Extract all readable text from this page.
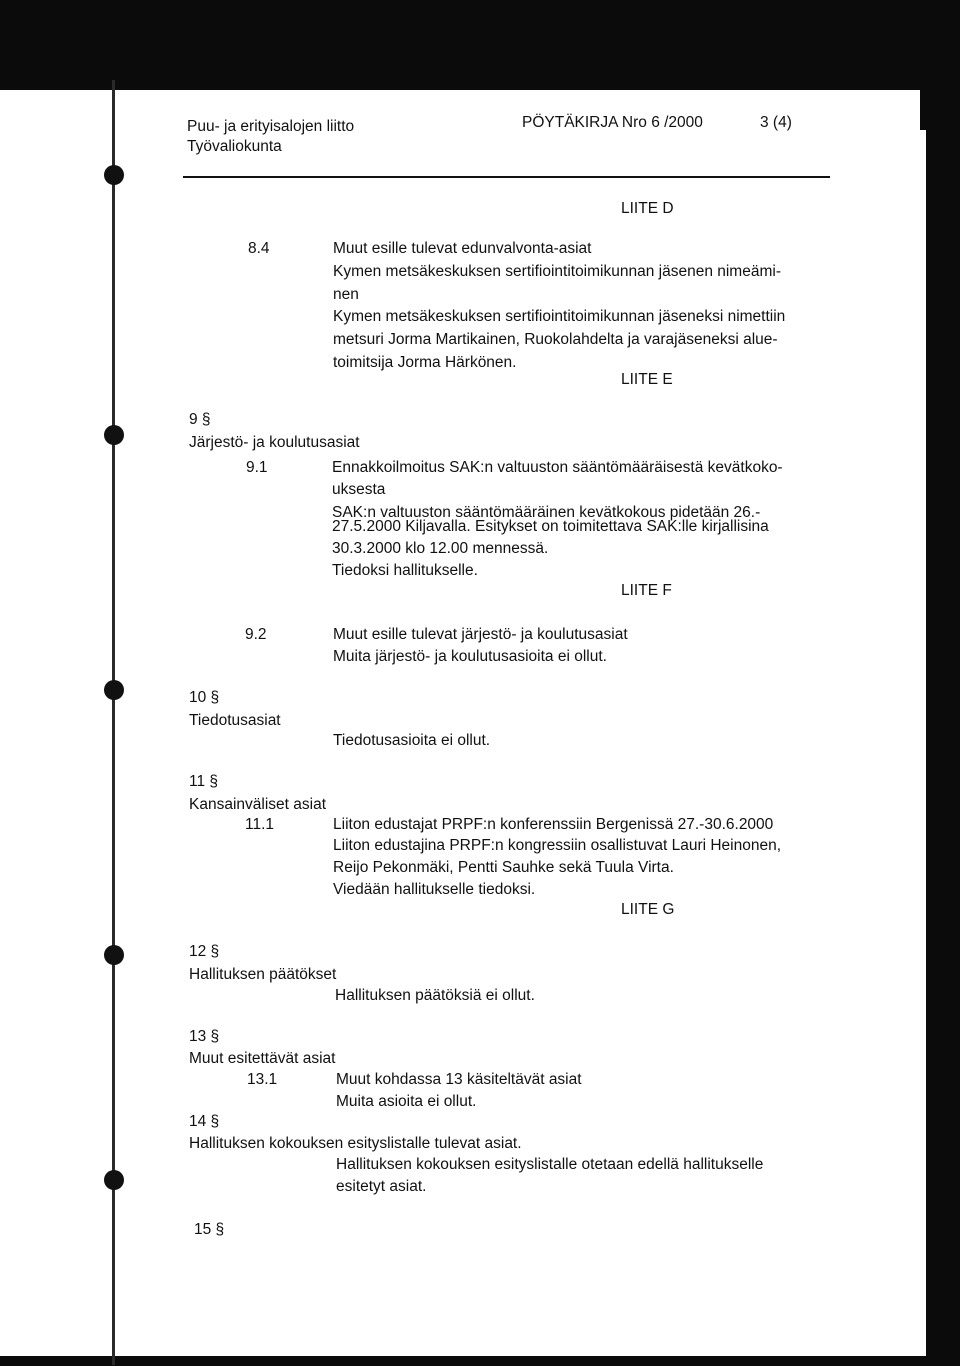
Puu- ja erityisalojen liitto
Työvaliokunta
PÖYTÄKIRJA Nro 6 /2000	3 (4)
LIITE D
8.4	Muut esille tulevat edunvalvonta-asiat
Kymen metsäkeskuksen sertifiointitoimikunnan jäsenen nimeämi-
nen
Kymen metsäkeskuksen sertifiointitoimikunnan jäseneksi nimettiin
metsuri Jorma Martikainen, Ruokolahdelta ja varajäseneksi alue-
toimitsija Jorma Härkönen.
LIITE E
9 §
Järjestö- ja koulutusasiat
9.1	Ennakkoilmoitus SAK:n valtuuston sääntömääräisestä kevätkoko-
uksesta
SAK:n valtuuston sääntömääräinen kevätkokous pidetään 26.-
27.5.2000 Kiljavalla. Esitykset on toimitettava SAK:lle kirjallisina
30.3.2000 klo 12.00 mennessä.
Tiedoksi hallitukselle.
LIITE F
9.2	Muut esille tulevat järjestö- ja koulutusasiat
Muita järjestö- ja koulutusasioita ei ollut.
10 §
Tiedotusasiat
Tiedotusasioita ei ollut.
11 §
Kansainväliset asiat
11.1	Liiton edustajat PRPF:n konferenssiin Bergenissä 27.-30.6.2000
Liiton edustajina PRPF:n kongressiin osallistuvat Lauri Heinonen,
Reijo Pekonmäki, Pentti Sauhke sekä Tuula Virta.
Viedään hallitukselle tiedoksi.
LIITE G
12 §
Hallituksen päätökset
Hallituksen päätöksiä ei ollut.
13 §
Muut esitettävät asiat
13.1	Muut kohdassa 13 käsiteltävät asiat
Muita asioita ei ollut.
14 §
Hallituksen kokouksen esityslistalle tulevat asiat.
Hallituksen kokouksen esityslistalle otetaan edellä hallitukselle
esitetyt asiat.
15 §
